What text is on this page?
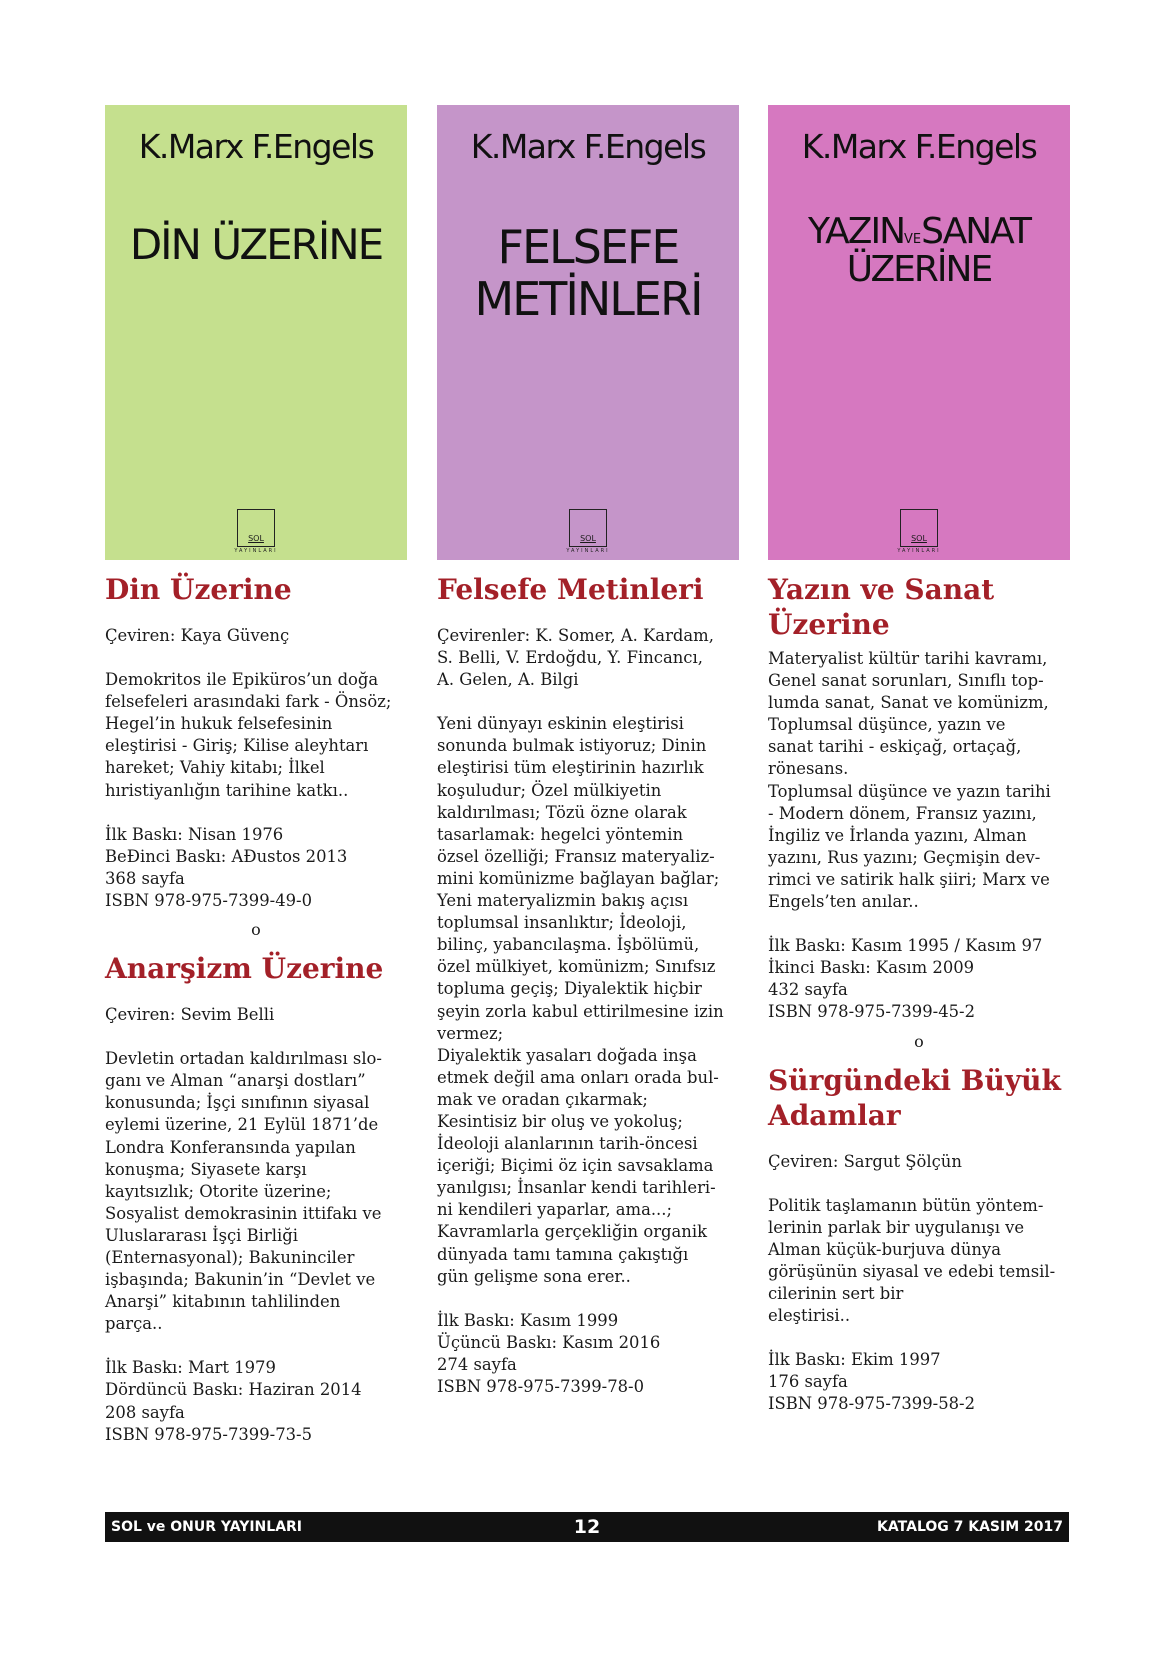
K.Marx F.Engels
DİN ÜZERİNE
SOL
YAYINLARI
Din Üzerine

Çeviren: Kaya Güvenç

Demokritos ile Epiküros’un doğa
felsefeleri arasındaki fark - Önsöz;
Hegel’in hukuk felsefesinin
eleştirisi - Giriş; Kilise aleyhtarı
hareket; Vahiy kitabı; İlkel
hıristiyanlığın tarihine katkı..

İlk Baskı: Nisan 1976
BeĐinci Baskı: AĐustos 2013
368 sayfa
ISBN 978-975-7399-49-0

o
Anarşizm Üzerine

Çeviren: Sevim Belli

Devletin ortadan kaldırılması slo-
ganı ve Alman “anarşi dostları”
konusunda; İşçi sınıfının siyasal
eylemi üzerine, 21 Eylül 1871’de
Londra Konferansında yapılan
konuşma; Siyasete karşı
kayıtsızlık; Otorite üzerine;
Sosyalist demokrasinin ittifakı ve
Uluslararası İşçi Birliği
(Enternasyonal); Bakuninciler
işbaşında; Bakunin’in “Devlet ve
Anarşi” kitabının tahlilinden
parça..

İlk Baskı: Mart 1979
Dördüncü Baskı: Haziran 2014
208 sayfa
ISBN 978-975-7399-73-5

K.Marx F.Engels
FELSEFE
METİNLERİ
SOL
YAYINLARI
Felsefe Metinleri

Çevirenler: K. Somer, A. Kardam,
S. Belli, V. Erdoğdu, Y. Fincancı,
A. Gelen, A. Bilgi

Yeni dünyayı eskinin eleştirisi
sonunda bulmak istiyoruz; Dinin
eleştirisi tüm eleştirinin hazırlık
koşuludur; Özel mülkiyetin
kaldırılması; Tözü özne olarak
tasarlamak: hegelci yöntemin
özsel özelliği; Fransız materyaliz-
mini komünizme bağlayan bağlar;
Yeni materyalizmin bakış açısı
toplumsal insanlıktır; İdeoloji,
bilinç, yabancılaşma. İşbölümü,
özel mülkiyet, komünizm; Sınıfsız
topluma geçiş; Diyalektik hiçbir
şeyin zorla kabul ettirilmesine izin
vermez;
Diyalektik yasaları doğada inşa
etmek değil ama onları orada bul-
mak ve oradan çıkarmak;
Kesintisiz bir oluş ve yokoluş;
İdeoloji alanlarının tarih-öncesi
içeriği; Biçimi öz için savsaklama
yanılgısı; İnsanlar kendi tarihleri-
ni kendileri yaparlar, ama...;
Kavramlarla gerçekliğin organik
dünyada tamı tamına çakıştığı
gün gelişme sona erer..

İlk Baskı: Kasım 1999
Üçüncü Baskı: Kasım 2016
274 sayfa
ISBN 978-975-7399-78-0

K.Marx F.Engels
YAZINVESANAT
ÜZERİNE
SOL
YAYINLARI
Yazın ve Sanat
Üzerine

Materyalist kültür tarihi kavramı,
Genel sanat sorunları, Sınıflı top-
lumda sanat, Sanat ve komünizm,
Toplumsal düşünce, yazın ve
sanat tarihi - eskiçağ, ortaçağ,
rönesans.
Toplumsal düşünce ve yazın tarihi
- Modern dönem, Fransız yazını,
İngiliz ve İrlanda yazını, Alman
yazını, Rus yazını; Geçmişin dev-
rimci ve satirik halk şiiri; Marx ve
Engels’ten anılar..

İlk Baskı: Kasım 1995 / Kasım 97
İkinci Baskı: Kasım 2009
432 sayfa
ISBN 978-975-7399-45-2

o
Sürgündeki Büyük
Adamlar

Çeviren: Sargut Şölçün

Politik taşlamanın bütün yöntem-
lerinin parlak bir uygulanışı ve
Alman küçük-burjuva dünya
görüşünün siyasal ve edebi temsil-
cilerinin sert bir
eleştirisi..

İlk Baskı: Ekim 1997
176 sayfa
ISBN 978-975-7399-58-2

SOL ve ONUR YAYINLARI	12	KATALOG 7 KASIM 2017
